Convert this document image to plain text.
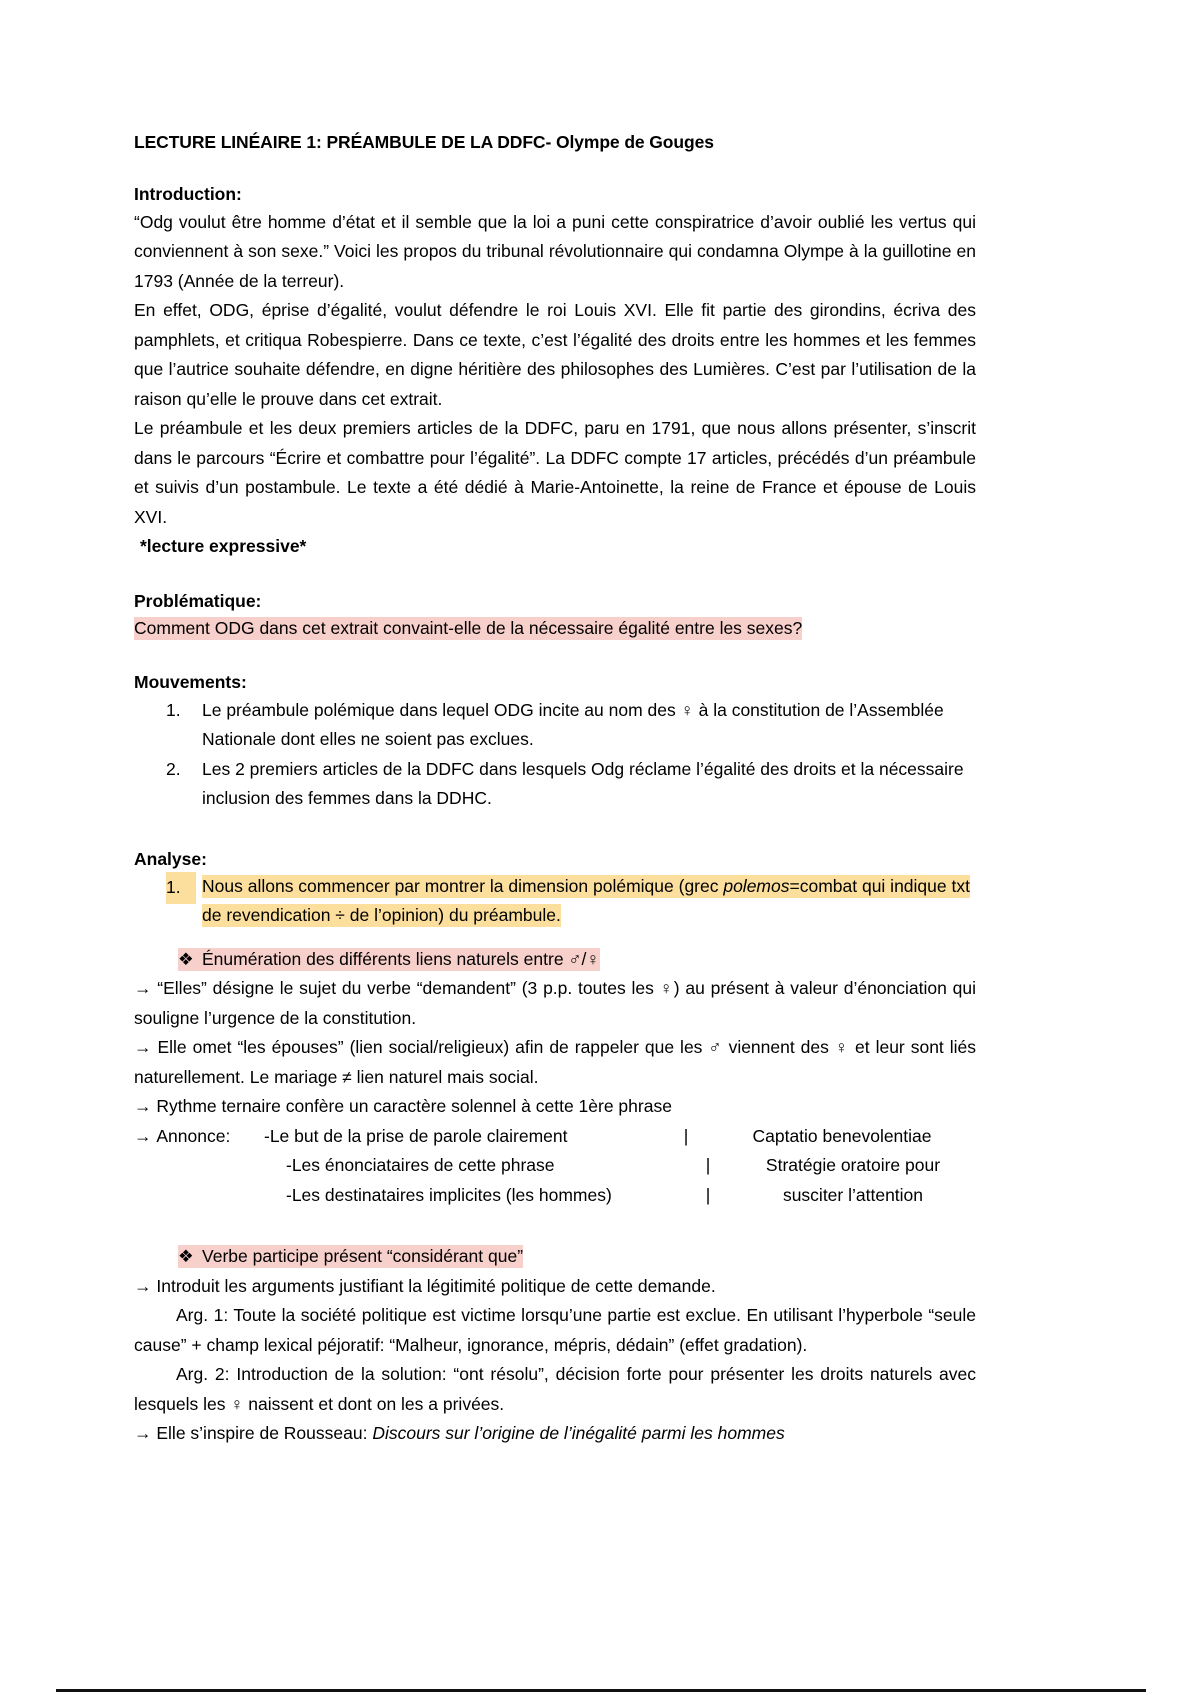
LECTURE LINÉAIRE 1: PRÉAMBULE DE LA DDFC- Olympe de Gouges
Introduction:

“Odg voulut être homme d’état et il semble que la loi a puni cette conspiratrice d’avoir oublié les vertus qui conviennent à son sexe.” Voici les propos du tribunal révolutionnaire qui condamna Olympe à la guillotine en 1793 (Année de la terreur).

En effet, ODG, éprise d’égalité, voulut défendre le roi Louis XVI. Elle fit partie des girondins, écriva des pamphlets, et critiqua Robespierre. Dans ce texte, c’est l’égalité des droits entre les hommes et les femmes que l’autrice souhaite défendre, en digne héritière des philosophes des Lumières. C’est par l’utilisation de la raison qu’elle le prouve dans cet extrait.

Le préambule et les deux premiers articles de la DDFC, paru en 1791, que nous allons présenter, s’inscrit dans le parcours “Écrire et combattre pour l’égalité”. La DDFC compte 17 articles, précédés d’un préambule et suivis d’un postambule. Le texte a été dédié à Marie-Antoinette, la reine de France et épouse de Louis XVI.

*lecture expressive*

Problématique:

Comment ODG dans cet extrait convaint-elle de la nécessaire égalité entre les sexes?

Mouvements:
1.	Le préambule polémique dans lequel ODG incite au nom des ♀ à la constitution de l’Assemblée Nationale dont elles ne soient pas exclues.
2.	Les 2 premiers articles de la DDFC dans lesquels Odg réclame l’égalité des droits et la nécessaire inclusion des femmes dans la DDHC.
Analyse:
1.	Nous allons commencer par montrer la dimension polémique (grec polemos=combat qui indique txt de revendication ÷ de l’opinion) du préambule.
❖ Énumération des différents liens naturels entre ♂/♀

→ “Elles” désigne le sujet du verbe “demandent” (3 p.p. toutes les ♀) au présent à valeur d’énonciation qui souligne l’urgence de la constitution.

→ Elle omet “les épouses” (lien social/religieux) afin de rappeler que les ♂ viennent des ♀ et leur sont liés naturellement. Le mariage ≠ lien naturel mais social.

→ Rythme ternaire confère un caractère solennel à cette 1ère phrase

→ Annonce:	-Le but de la prise de parole clairement	|	Captatio benevolentiae
-Les énonciataires de cette phrase	|	Stratégie oratoire pour
-Les destinataires implicites (les hommes)	|	susciter l’attention
❖ Verbe participe présent “considérant que”

→ Introduit les arguments justifiant la légitimité politique de cette demande.

Arg. 1: Toute la société politique est victime lorsqu’une partie est exclue. En utilisant l’hyperbole “seule cause” + champ lexical péjoratif: “Malheur, ignorance, mépris, dédain” (effet gradation).

Arg. 2: Introduction de la solution: “ont résolu”, décision forte pour présenter les droits naturels avec lesquels les ♀ naissent et dont on les a privées.

→ Elle s’inspire de Rousseau: Discours sur l’origine de l’inégalité parmi les hommes
